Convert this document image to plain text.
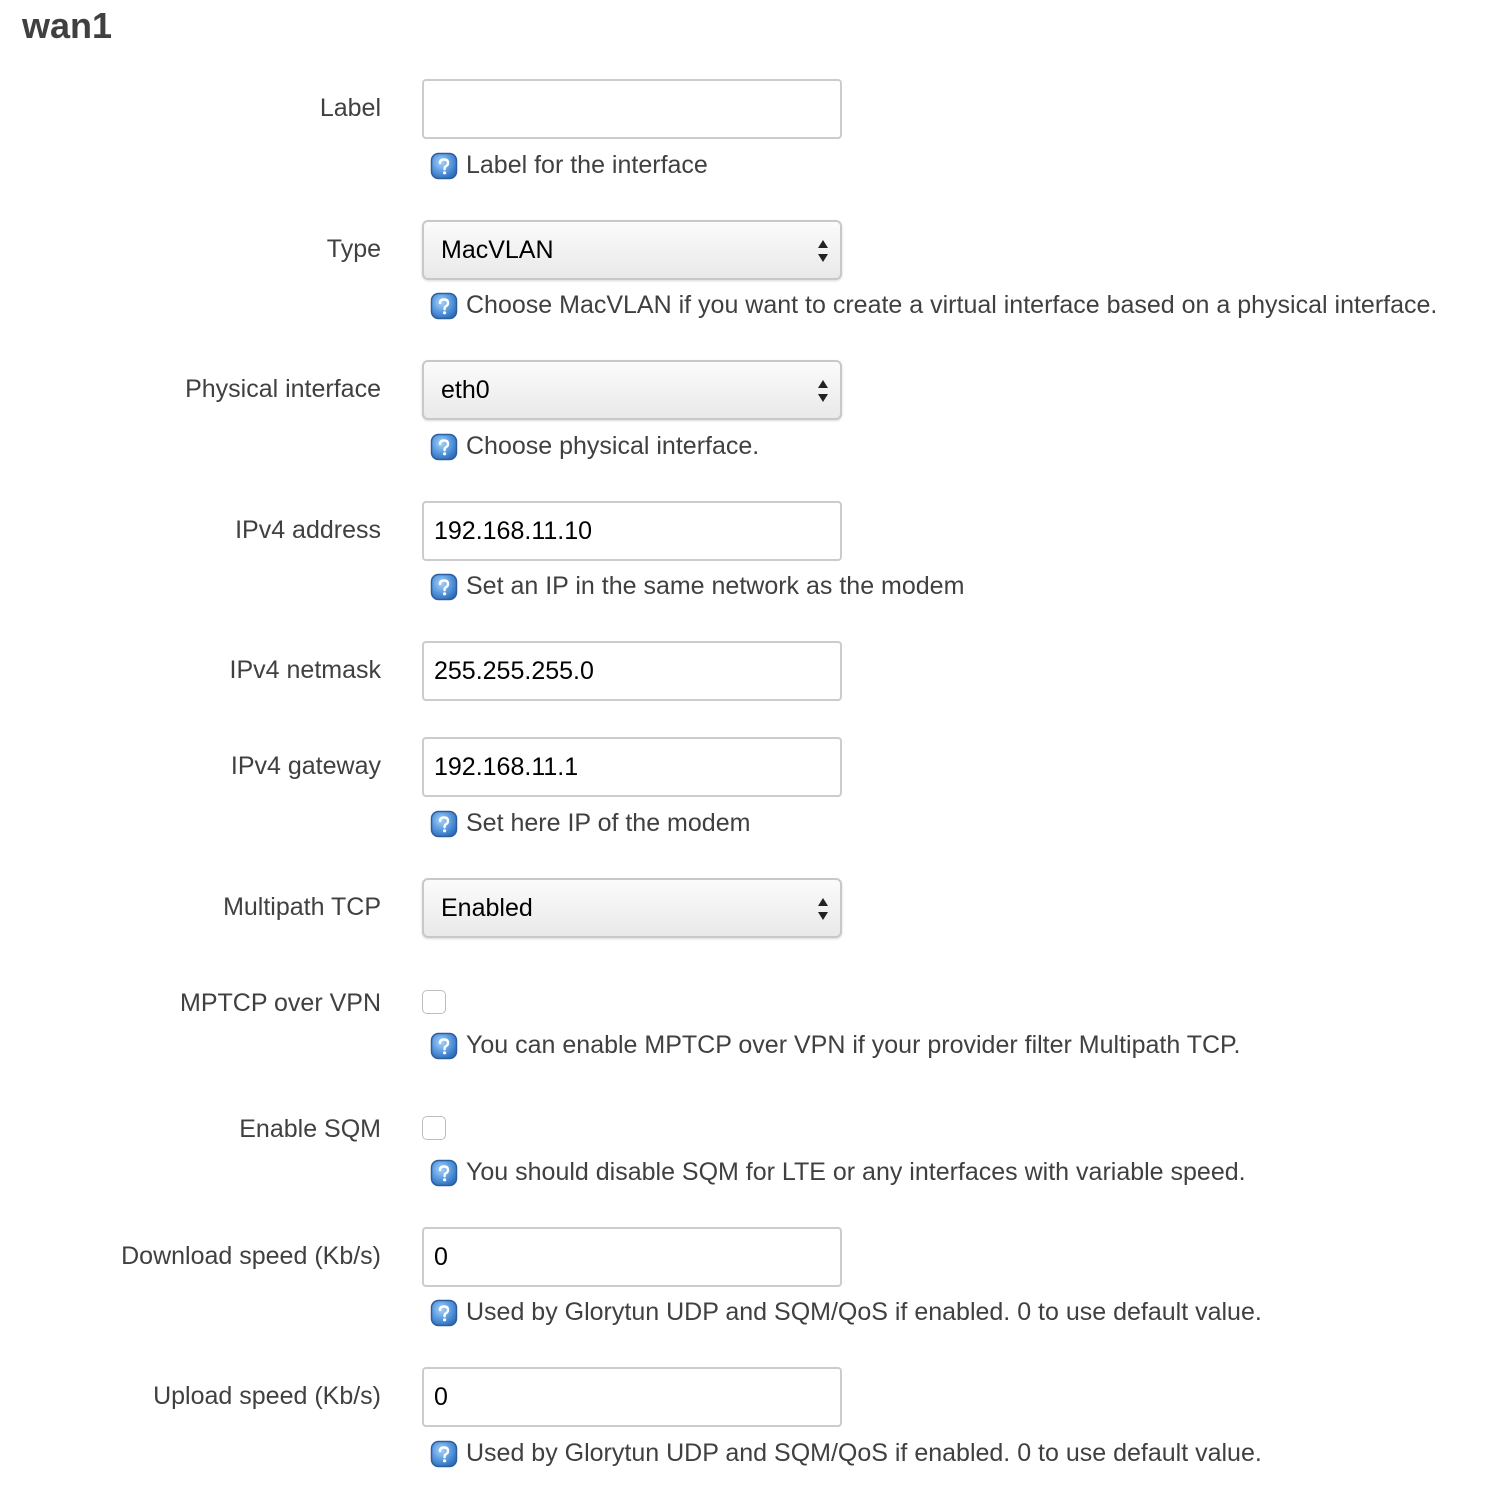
wan1
Label
Label for the interface
Type MacVLAN
Choose MacVLAN if you want to create a virtual interface based on a physical interface.
Physical interface eth0
Choose physical interface.
IPv4 address
192.168.11.10
Set an IP in the same network as the modem
IPv4 netmask
255.255.255.0
IPv4 gateway
192.168.11.1
Set here IP of the modem
Multipath TCP Enabled
MPTCP over VPN
You can enable MPTCP over VPN if your provider filter Multipath TCP.
Enable SQM
You should disable SQM for LTE or any interfaces with variable speed.
Download speed (Kb/s)
0
Used by Glorytun UDP and SQM/QoS if enabled. 0 to use default value.
Upload speed (Kb/s)
0
Used by Glorytun UDP and SQM/QoS if enabled. 0 to use default value.
